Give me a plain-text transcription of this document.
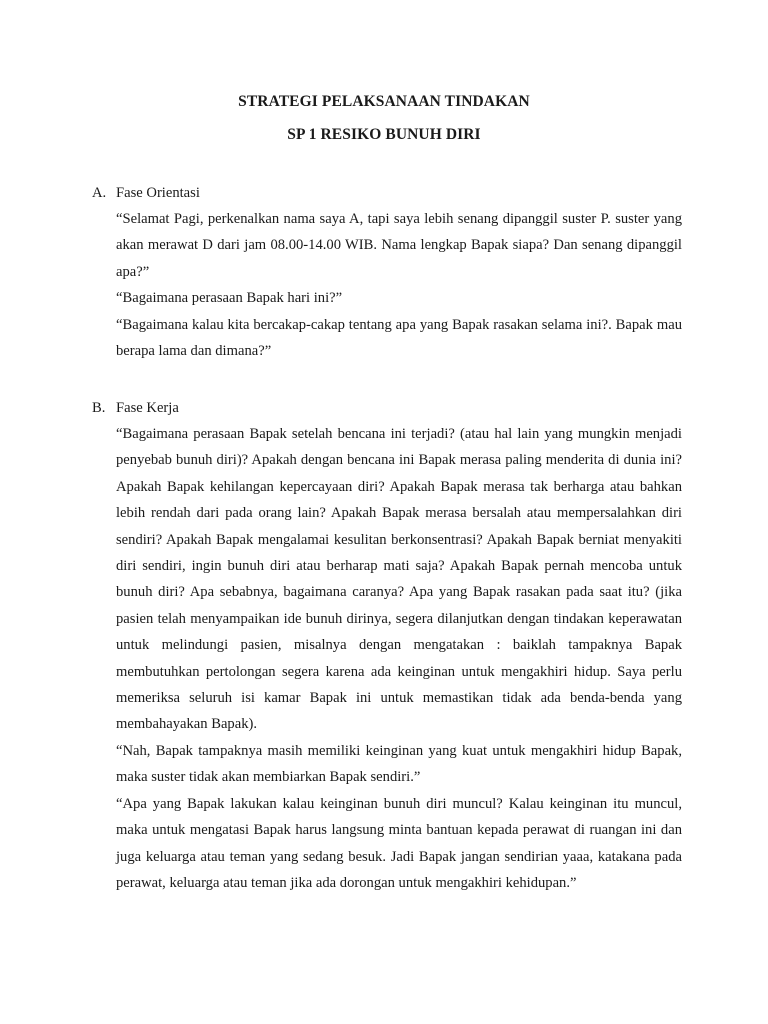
STRATEGI PELAKSANAAN TINDAKAN
SP 1 RESIKO BUNUH DIRI
A. Fase Orientasi

“Selamat Pagi, perkenalkan nama saya A, tapi saya lebih senang dipanggil suster P. suster yang akan merawat D dari jam 08.00-14.00 WIB. Nama lengkap Bapak siapa? Dan senang dipanggil apa?”

“Bagaimana perasaan Bapak hari ini?”

“Bagaimana kalau kita bercakap-cakap tentang apa yang Bapak rasakan selama ini?. Bapak mau berapa lama dan dimana?”

B. Fase Kerja

“Bagaimana perasaan Bapak setelah bencana ini terjadi? (atau hal lain yang mungkin menjadi penyebab bunuh diri)? Apakah dengan bencana ini Bapak merasa paling menderita di dunia ini? Apakah Bapak kehilangan kepercayaan diri? Apakah Bapak merasa tak berharga atau bahkan lebih rendah dari pada orang lain? Apakah Bapak merasa bersalah atau mempersalahkan diri sendiri? Apakah Bapak mengalamai kesulitan berkonsentrasi? Apakah Bapak berniat menyakiti diri sendiri, ingin bunuh diri atau berharap mati saja? Apakah Bapak pernah mencoba untuk bunuh diri? Apa sebabnya, bagaimana caranya? Apa yang Bapak rasakan pada saat itu? (jika pasien telah menyampaikan ide bunuh dirinya, segera dilanjutkan dengan tindakan keperawatan untuk melindungi pasien, misalnya dengan mengatakan : baiklah tampaknya Bapak membutuhkan pertolongan segera karena ada keinginan untuk mengakhiri hidup. Saya perlu memeriksa seluruh isi kamar Bapak ini untuk memastikan tidak ada benda-benda yang membahayakan Bapak).

“Nah, Bapak tampaknya masih memiliki keinginan yang kuat untuk mengakhiri hidup Bapak, maka suster tidak akan membiarkan Bapak sendiri.”

“Apa yang Bapak lakukan kalau keinginan bunuh diri muncul? Kalau keinginan itu muncul, maka untuk mengatasi Bapak harus langsung minta bantuan kepada perawat di ruangan ini dan juga keluarga atau teman yang sedang besuk. Jadi Bapak jangan sendirian yaaa, katakana pada perawat, keluarga atau teman jika ada dorongan untuk mengakhiri kehidupan.”
